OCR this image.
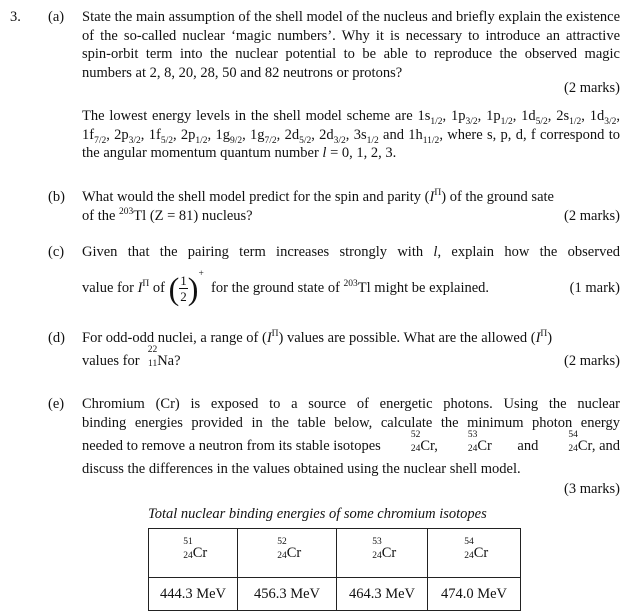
3. (a) State the main assumption of the shell model of the nucleus and briefly explain the existence of the so-called nuclear ‘magic numbers’. Why it is necessary to introduce an attractive spin-orbit term into the nuclear potential to be able to reproduce the observed magic numbers at 2, 8, 20, 28, 50 and 82 neutrons or protons?
(2 marks)
The lowest energy levels in the shell model scheme are $1s_{1/2}$, $1p_{3/2}$, $1p_{1/2}$, $1d_{5/2}$, $2s_{1/2}$, $1d_{3/2}$, $1f_{7/2}$, $2p_{3/2}$, $1f_{5/2}$, $2p_{1/2}$, $1g_{9/2}$, $1g_{7/2}$, $2d_{5/2}$, $2d_{3/2}$, $3s_{1/2}$ and $1h_{11/2}$, where s, p, d, f correspond to the angular momentum quantum number l = 0, 1, 2, 3.
(b) What would the shell model predict for the spin and parity $(I^\Pi)$ of the ground sate
of the $^{203}$Tl (Z = 81) nucleus?	(2 marks)
(c) Given that the pairing term increases strongly with l, explain how the observed
value for $I^\Pi$ of ( $\frac{1}{2})^+$  for the ground state of $^{203}$Tl might be explained.	(1 mark)
(d) For odd-odd nuclei, a range of $(I^\Pi)$ values are possible. What are the allowed $(I^\Pi)$
values for
22
11 Na?	(2 marks)
(e) Chromium (Cr) is exposed to a source of energetic photons. Using the nuclear
binding energies provided in the table below, calculate the minimum photon energy
needed to remove a neutron from its stable isotopes
52
24 Cr,
53
24 Cr and
54
24 Cr, and
discuss the differences in the values obtained using the nuclear shell model.
(3 marks)
Total nuclear binding energies of some chromium isotopes
51
24 Cr	52
24 Cr	53
24 Cr	54
24 Cr
444.3 MeV	456.3 MeV	464.3 MeV	474.0 MeV
